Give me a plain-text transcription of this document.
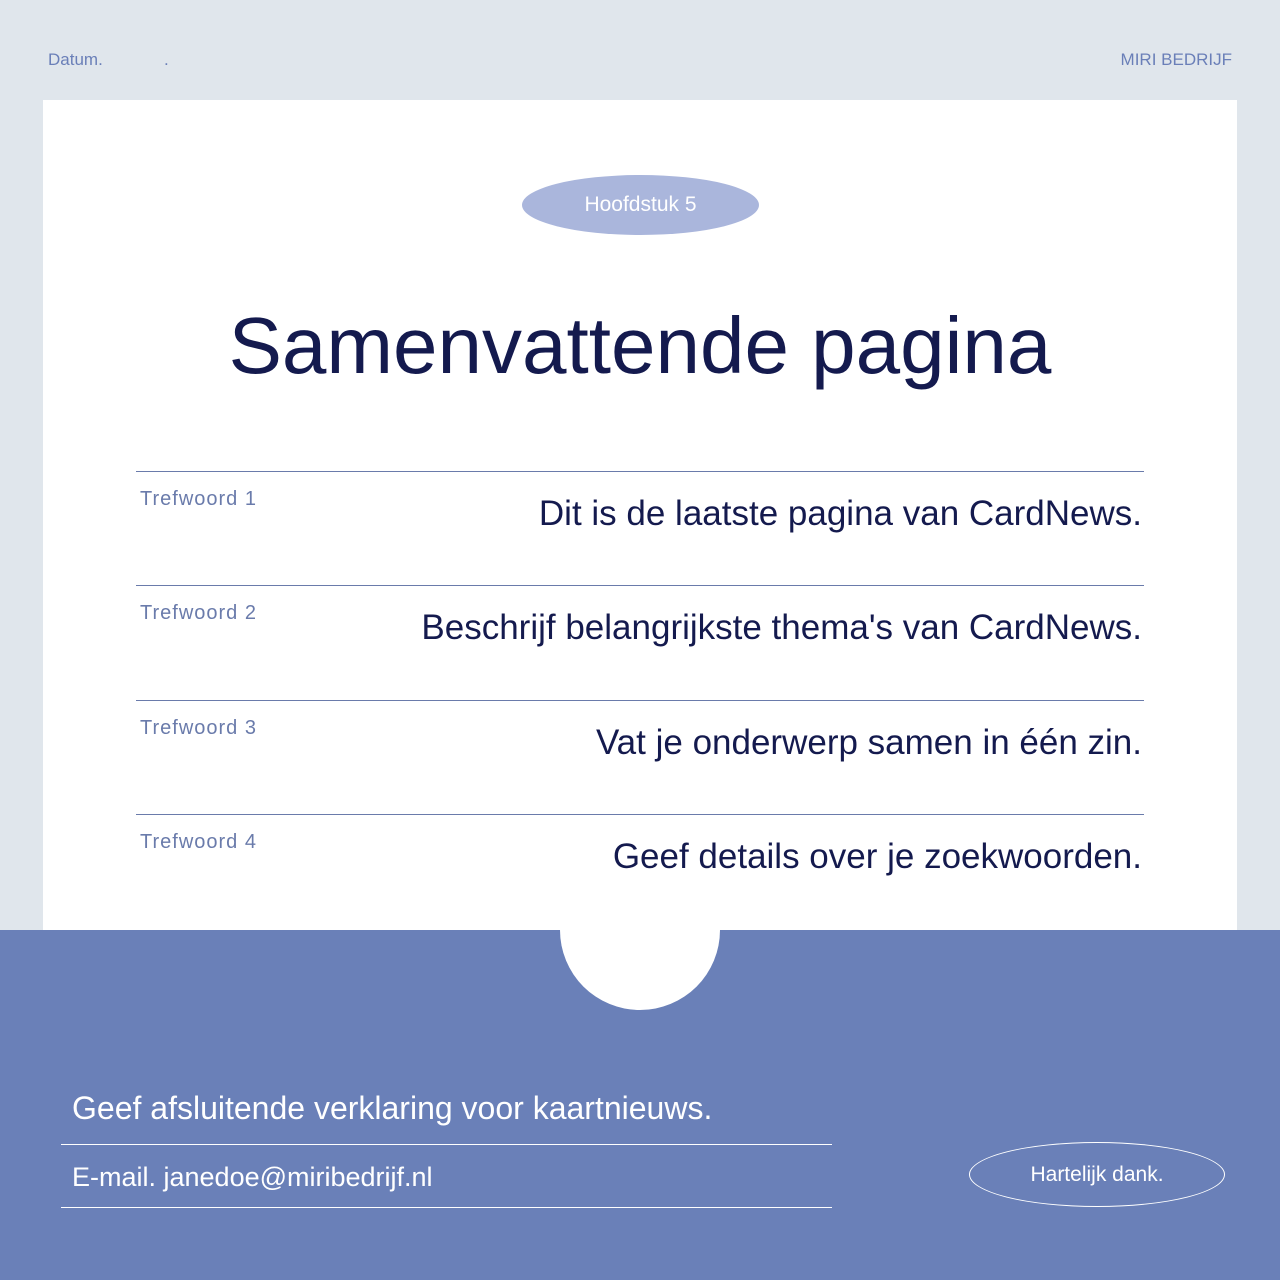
Datum.	.	MIRI BEDRIJF
Hoofdstuk 5
Samenvattende pagina
Trefwoord 1	Dit is de laatste pagina van CardNews.
Trefwoord 2	Beschrijf belangrijkste thema's van CardNews.
Trefwoord 3	Vat je onderwerp samen in één zin.
Trefwoord 4	Geef details over je zoekwoorden.
Geef afsluitende verklaring voor kaartnieuws.
E-mail. janedoe@miribedrijf.nl	Hartelijk dank.
